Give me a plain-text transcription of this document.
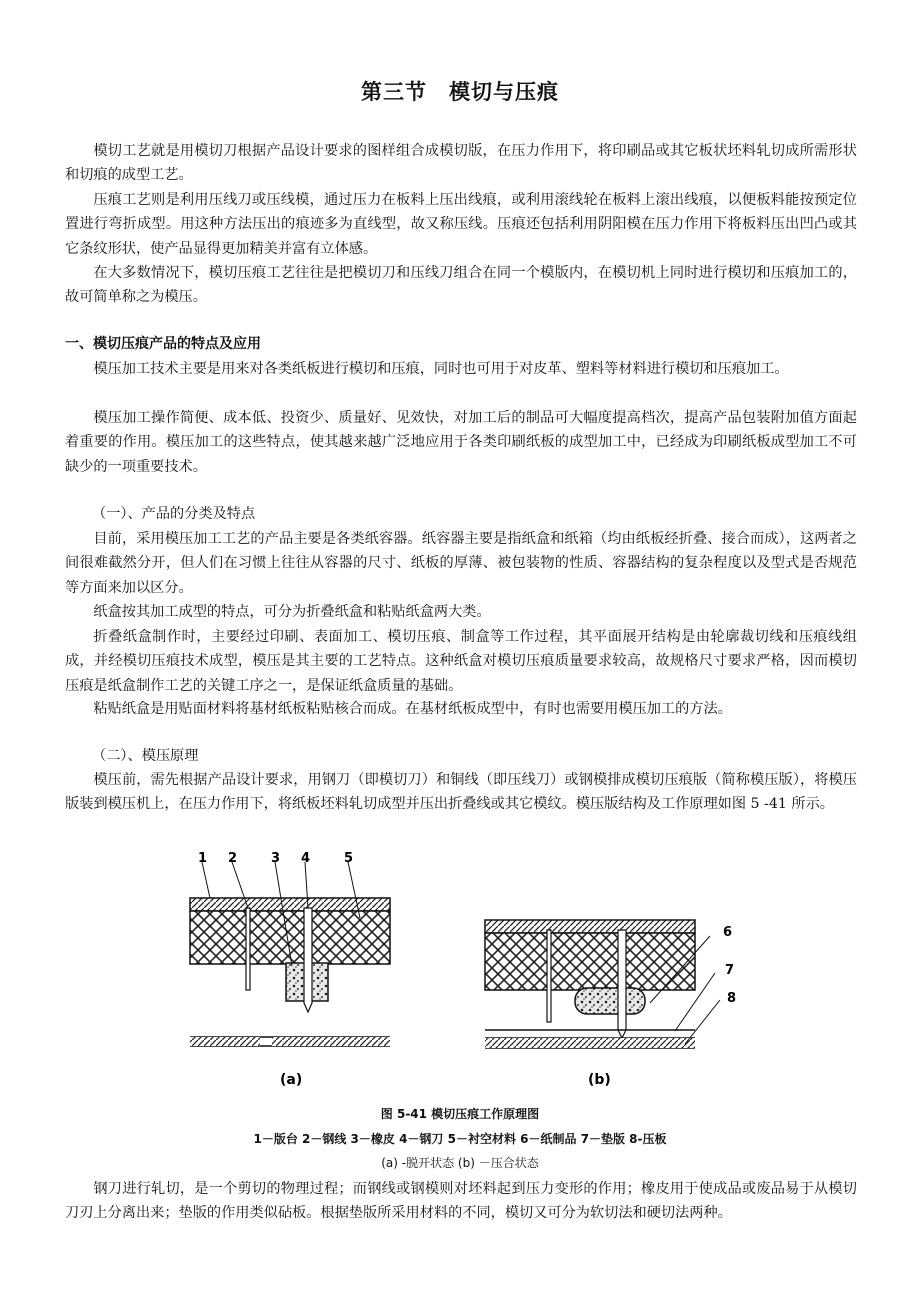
第三节　模切与压痕

模切工艺就是用模切刀根据产品设计要求的图样组合成模切版，在压力作用下，将印刷品或其它板状坯料轧切成所需形状和切痕的成型工艺。

压痕工艺则是利用压线刀或压线模，通过压力在板料上压出线痕，或利用滚线轮在板料上滚出线痕，以便板料能按预定位置进行弯折成型。用这种方法压出的痕迹多为直线型，故又称压线。压痕还包括利用阴阳模在压力作用下将板料压出凹凸或其它条纹形状，使产品显得更加精美并富有立体感。

在大多数情况下，模切压痕工艺往往是把模切刀和压线刀组合在同一个模版内，在模切机上同时进行模切和压痕加工的，故可简单称之为模压。

一、模切压痕产品的特点及应用

模压加工技术主要是用来对各类纸板进行模切和压痕，同时也可用于对皮革、塑料等材料进行模切和压痕加工。

模压加工操作简便、成本低、投资少、质量好、见效快，对加工后的制品可大幅度提高档次，提高产品包装附加值方面起着重要的作用。模压加工的这些特点，使其越来越广泛地应用于各类印刷纸板的成型加工中，已经成为印刷纸板成型加工不可缺少的一项重要技术。

（一）、产品的分类及特点

目前，采用模压加工工艺的产品主要是各类纸容器。纸容器主要是指纸盒和纸箱（均由纸板经折叠、接合而成），这两者之间很难截然分开，但人们在习惯上往往从容器的尺寸、纸板的厚薄、被包装物的性质、容器结构的复杂程度以及型式是否规范等方面来加以区分。

纸盒按其加工成型的特点，可分为折叠纸盒和粘贴纸盒两大类。

折叠纸盒制作时，主要经过印刷、表面加工、模切压痕、制盒等工作过程，其平面展开结构是由轮廓裁切线和压痕线组成，并经模切压痕技术成型，模压是其主要的工艺特点。这种纸盒对模切压痕质量要求较高，故规格尺寸要求严格，因而模切压痕是纸盒制作工艺的关键工序之一，是保证纸盒质量的基础。

粘贴纸盒是用贴面材料将基材纸板粘贴核合而成。在基材纸板成型中，有时也需要用模压加工的方法。

（二）、模压原理

模压前，需先根据产品设计要求，用钢刀（即模切刀）和铜线（即压线刀）或钢模排成模切压痕版（简称模压版），将模压版装到模压机上，在压力作用下，将纸板坯料轧切成型并压出折叠线或其它模纹。模压版结构及工作原理如图 5 -41 所示。

1 2	3 4	5
(a)
6
7
8
(b)
图 5-41 模切压痕工作原理图
1－版台 2－钢线 3－橡皮 4－钢刀 5－衬空材料 6－纸制品 7－垫版 8-压板
(a) -脱开状态 (b) －压合状态

钢刀进行轧切，是一个剪切的物理过程；而钢线或钢模则对坯料起到压力变形的作用；橡皮用于使成品或废品易于从模切刀刃上分离出来；垫版的作用类似砧板。根据垫版所采用材料的不同，模切又可分为软切法和硬切法两种。
